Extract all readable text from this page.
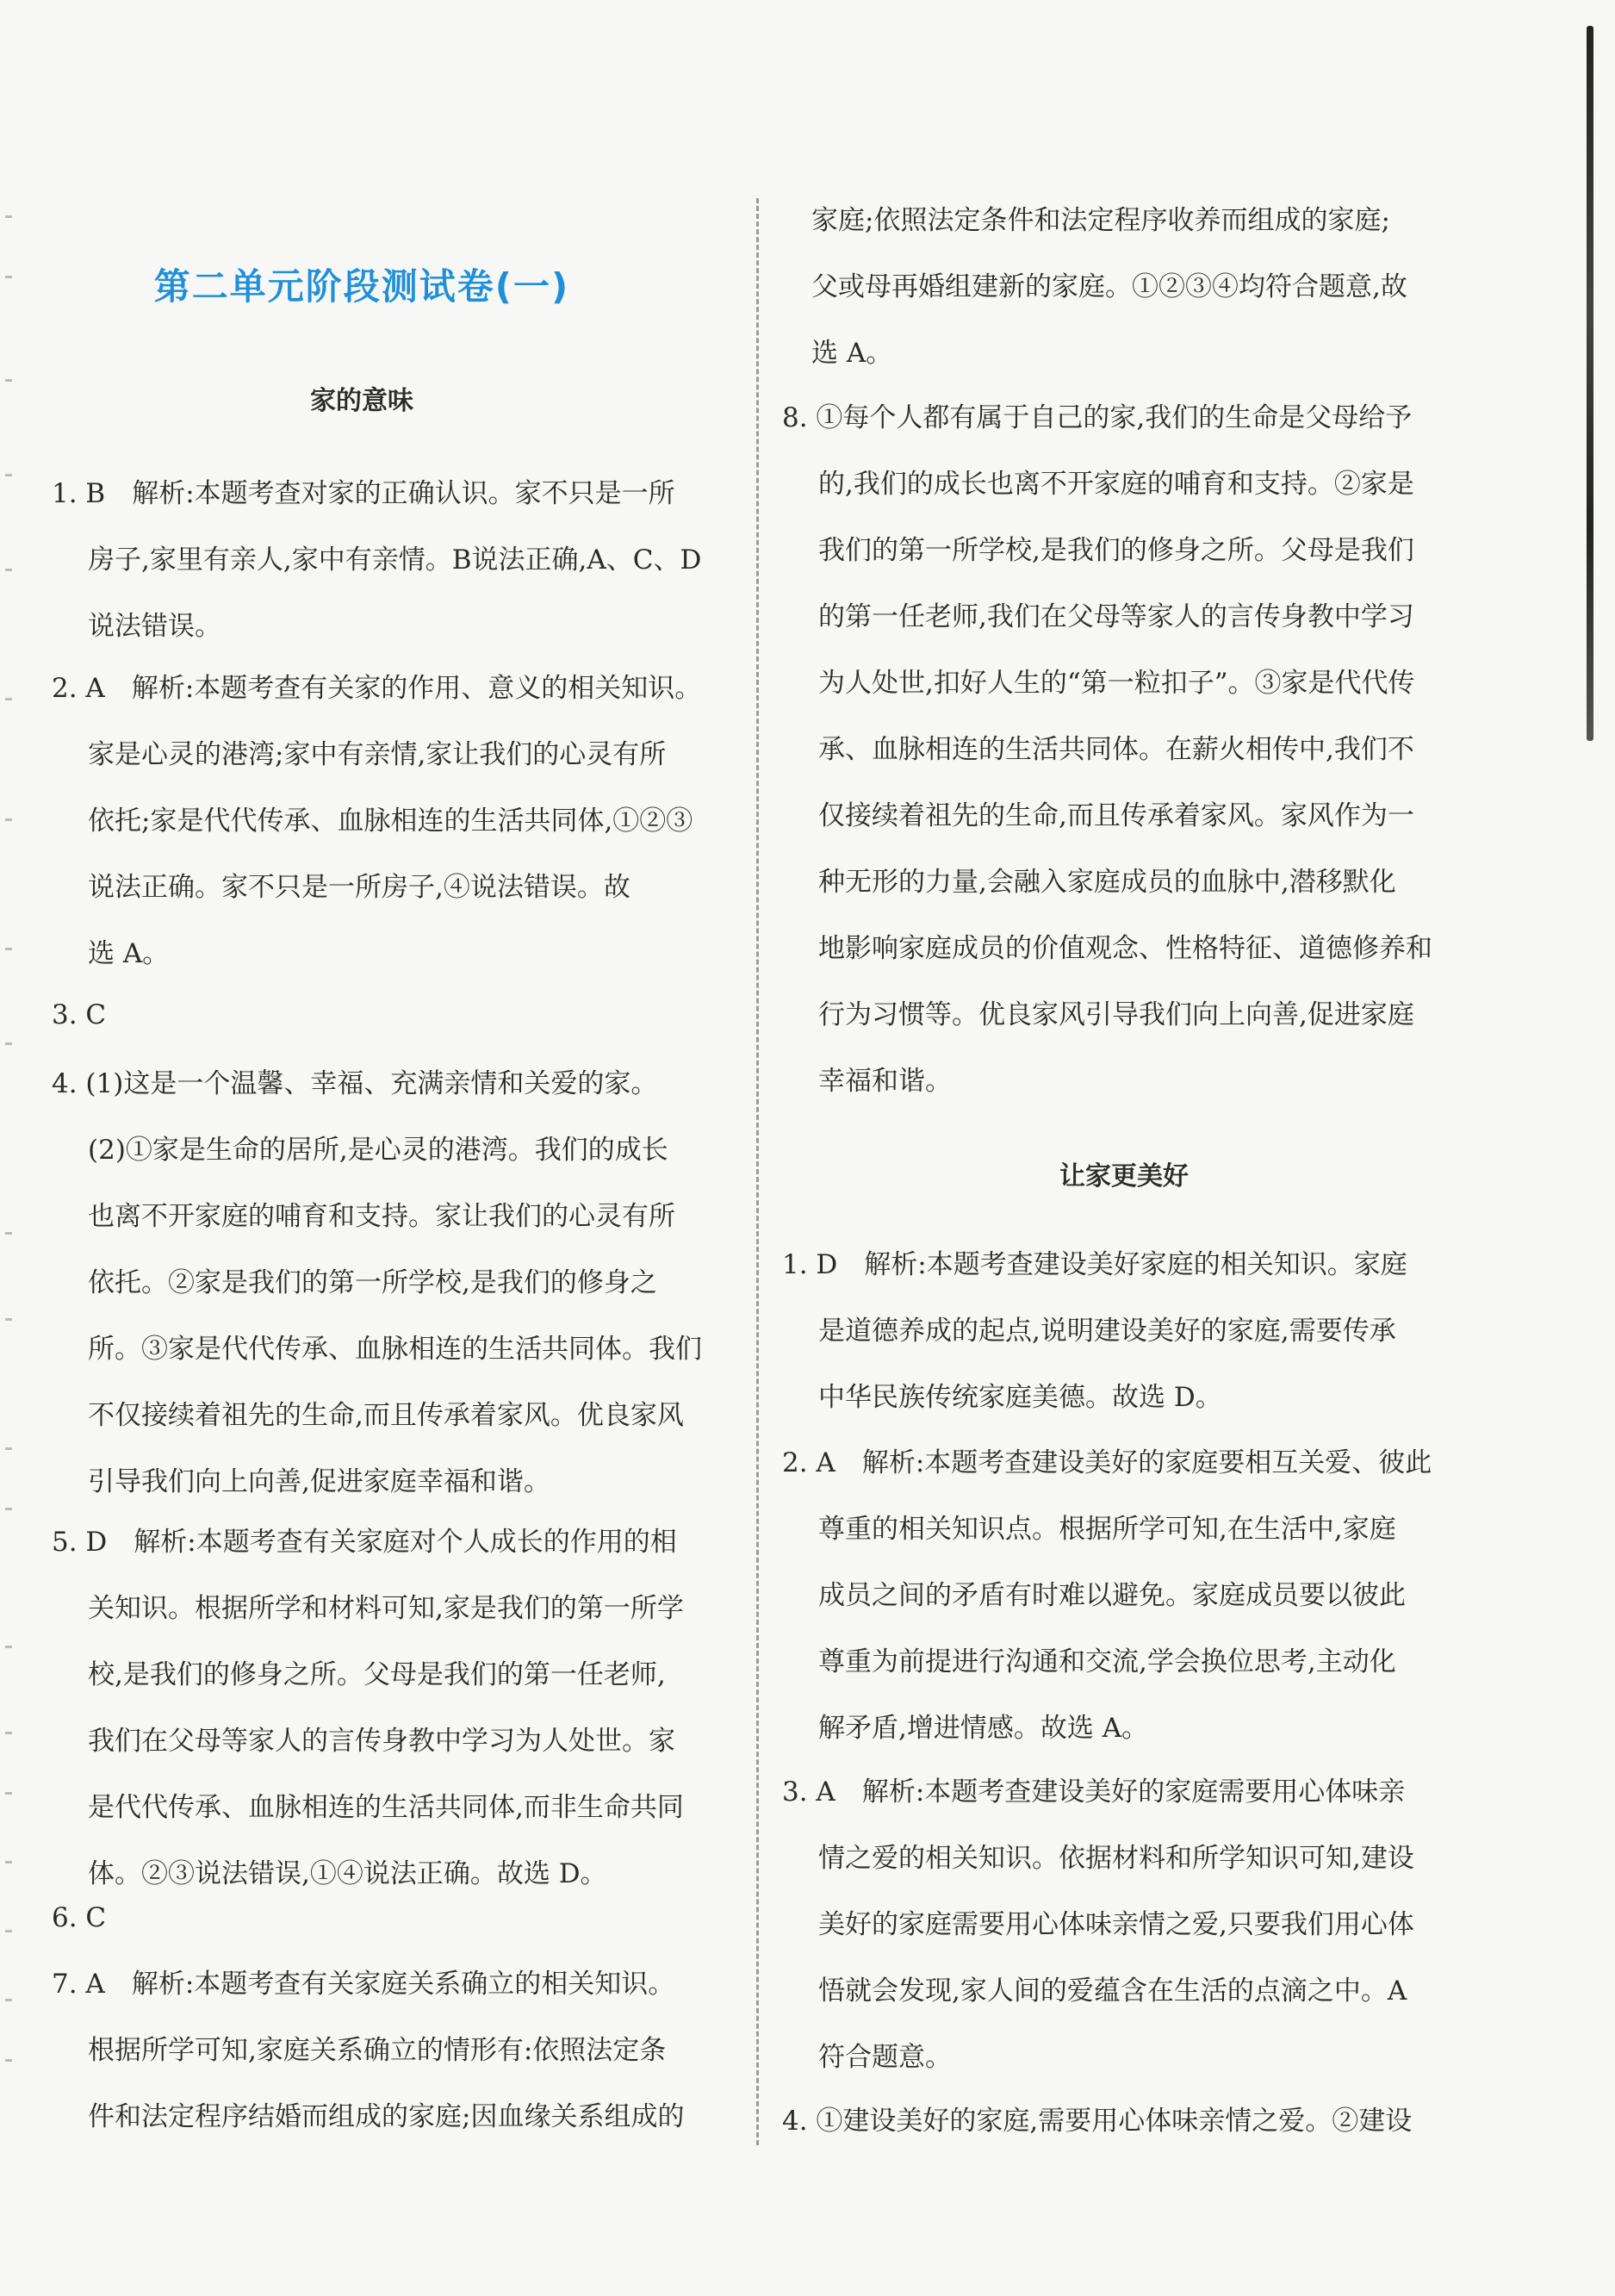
第二单元阶段测试卷(一)
家的意味
1. B　解析:本题考查对家的正确认识。家不只是一所
房子,家里有亲人,家中有亲情。B说法正确,A、C、D
说法错误。
2. A　解析:本题考查有关家的作用、意义的相关知识。
家是心灵的港湾;家中有亲情,家让我们的心灵有所
依托;家是代代传承、血脉相连的生活共同体,①②③
说法正确。家不只是一所房子,④说法错误。故
选 A。
3. C
4. (1)这是一个温馨、幸福、充满亲情和关爱的家。
(2)①家是生命的居所,是心灵的港湾。我们的成长
也离不开家庭的哺育和支持。家让我们的心灵有所
依托。②家是我们的第一所学校,是我们的修身之
所。③家是代代传承、血脉相连的生活共同体。我们
不仅接续着祖先的生命,而且传承着家风。优良家风
引导我们向上向善,促进家庭幸福和谐。
5. D　解析:本题考查有关家庭对个人成长的作用的相
关知识。根据所学和材料可知,家是我们的第一所学
校,是我们的修身之所。父母是我们的第一任老师,
我们在父母等家人的言传身教中学习为人处世。家
是代代传承、血脉相连的生活共同体,而非生命共同
体。②③说法错误,①④说法正确。故选 D。
6. C
7. A　解析:本题考查有关家庭关系确立的相关知识。
根据所学可知,家庭关系确立的情形有:依照法定条
件和法定程序结婚而组成的家庭;因血缘关系组成的
家庭;依照法定条件和法定程序收养而组成的家庭;
父或母再婚组建新的家庭。①②③④均符合题意,故
选 A。
8. ①每个人都有属于自己的家,我们的生命是父母给予
的,我们的成长也离不开家庭的哺育和支持。②家是
我们的第一所学校,是我们的修身之所。父母是我们
的第一任老师,我们在父母等家人的言传身教中学习
为人处世,扣好人生的“第一粒扣子”。③家是代代传
承、血脉相连的生活共同体。在薪火相传中,我们不
仅接续着祖先的生命,而且传承着家风。家风作为一
种无形的力量,会融入家庭成员的血脉中,潜移默化
地影响家庭成员的价值观念、性格特征、道德修养和
行为习惯等。优良家风引导我们向上向善,促进家庭
幸福和谐。
让家更美好
1. D　解析:本题考查建设美好家庭的相关知识。家庭
是道德养成的起点,说明建设美好的家庭,需要传承
中华民族传统家庭美德。故选 D。
2. A　解析:本题考查建设美好的家庭要相互关爱、彼此
尊重的相关知识点。根据所学可知,在生活中,家庭
成员之间的矛盾有时难以避免。家庭成员要以彼此
尊重为前提进行沟通和交流,学会换位思考,主动化
解矛盾,增进情感。故选 A。
3. A　解析:本题考查建设美好的家庭需要用心体味亲
情之爱的相关知识。依据材料和所学知识可知,建设
美好的家庭需要用心体味亲情之爱,只要我们用心体
悟就会发现,家人间的爱蕴含在生活的点滴之中。A
符合题意。
4. ①建设美好的家庭,需要用心体味亲情之爱。②建设
